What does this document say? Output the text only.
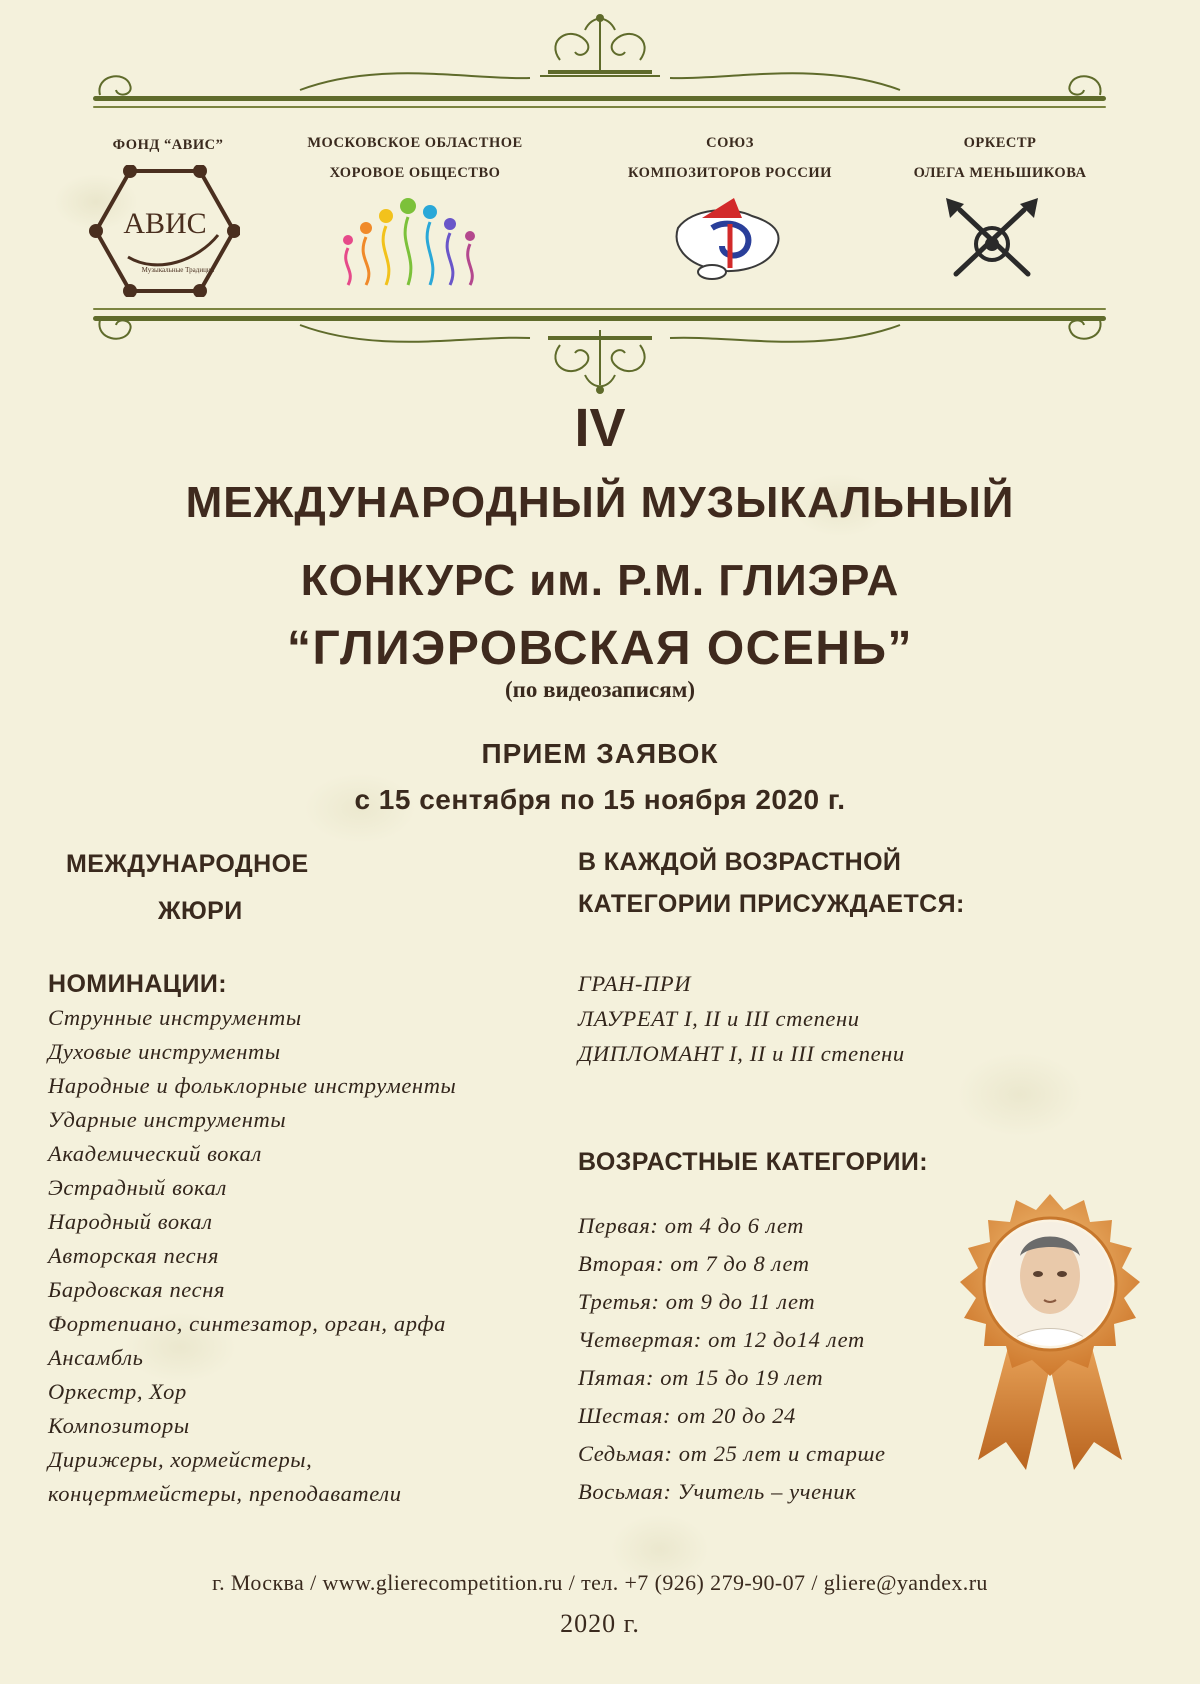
ФОНД “АВИС”
АВИС
Музыкальные Традиции
МОСКОВСКОЕ ОБЛАСТНОЕ
ХОРОВОЕ ОБЩЕСТВО
СОЮЗ
КОМПОЗИТОРОВ РОССИИ
ОРКЕСТР
ОЛЕГА МЕНЬШИКОВА
IV
МЕЖДУНАРОДНЫЙ МУЗЫКАЛЬНЫЙ
КОНКУРС им. Р.М. ГЛИЭРА
“ГЛИЭРОВСКАЯ ОСЕНЬ”
(по видеозаписям)
ПРИЕМ ЗАЯВОК
с 15 сентября по 15 ноября 2020 г.
МЕЖДУНАРОДНОЕ
ЖЮРИ
В КАЖДОЙ ВОЗРАСТНОЙ
КАТЕГОРИИ ПРИСУЖДАЕТСЯ:
ГРАН-ПРИ
ЛАУРЕАТ I, II и III степени
ДИПЛОМАНТ I, II и III степени
НОМИНАЦИИ:
Струнные инструменты
Духовые инструменты
Народные и фольклорные инструменты
Ударные инструменты
Академический вокал
Эстрадный вокал
Народный вокал
Авторская песня
Бардовская песня
Фортепиано, синтезатор, орган, арфа
Ансамбль
Оркестр, Хор
Композиторы
Дирижеры, хормейстеры,
концертмейстеры, преподаватели
ВОЗРАСТНЫЕ КАТЕГОРИИ:
Первая: от 4 до 6 лет
Вторая: от 7 до 8 лет
Третья: от 9 до 11 лет
Четвертая: от 12 до14 лет
Пятая: от 15 до 19 лет
Шестая: от 20 до 24
Седьмая: от 25 лет и старше
Восьмая: Учитель – ученик
г. Москва / www.glierecompetition.ru / тел. +7 (926) 279-90-07 / gliere@yandex.ru
2020 г.
